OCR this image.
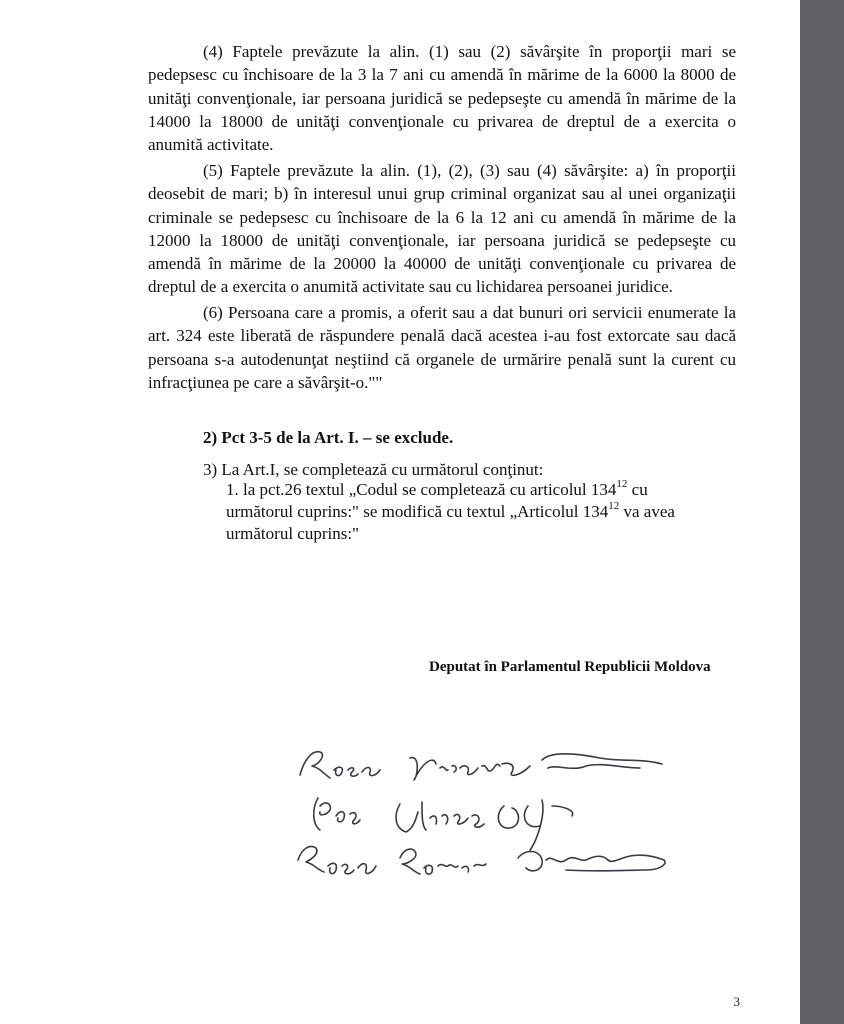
(4) Faptele prevăzute la alin. (1) sau (2) săvârşite în proporţii mari se pedepsesc cu închisoare de la 3 la 7 ani cu amendă în mărime de la 6000 la 8000 de unităţi convenţionale, iar persoana juridică se pedepseşte cu amendă în mărime de la 14000 la 18000 de unităţi convenţionale cu privarea de dreptul de a exercita o anumită activitate.
(5) Faptele prevăzute la alin. (1), (2), (3) sau (4) săvârşite: a) în proporţii deosebit de mari; b) în interesul unui grup criminal organizat sau al unei organizaţii criminale se pedepsesc cu închisoare de la 6 la 12 ani cu amendă în mărime de la 12000 la 18000 de unităţi convenţionale, iar persoana juridică se pedepseşte cu amendă în mărime de la 20000 la 40000 de unităţi convenţionale cu privarea de dreptul de a exercita o anumită activitate sau cu lichidarea persoanei juridice.
(6) Persoana care a promis, a oferit sau a dat bunuri ori servicii enumerate la art. 324 este liberată de răspundere penală dacă acestea i-au fost extorcate sau dacă persoana s-a autodenunţat neştiind că organele de urmărire penală sunt la curent cu infracţiunea pe care a săvârşit-o.""
2) Pct 3-5 de la Art. I. – se exclude.
3) La Art.I, se completează cu următorul conţinut:
1. la pct.26 textul „Codul se completează cu articolul $134^{12}$ cu
următorul cuprins:" se modifică cu textul „Articolul $134^{12}$ va avea
următorul cuprins:"
Deputat în Parlamentul Republicii Moldova
3
